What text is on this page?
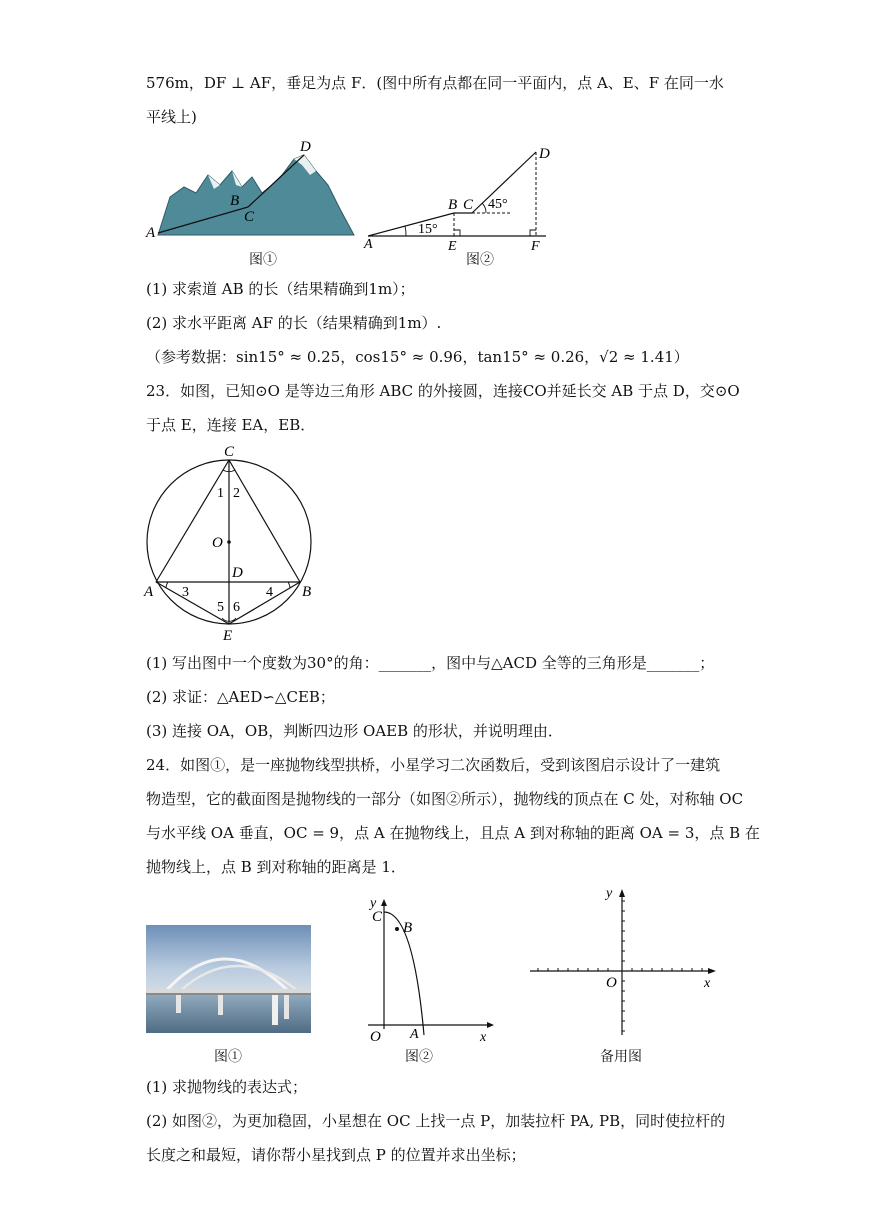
576m，DF ⊥ AF，垂足为点 F．(图中所有点都在同一平面内，点 A、E、F 在同一水
平线上)
A
B
C
D
图①
A
B C
D
E	F
15°
45°
图②
(1) 求索道 AB 的长（结果精确到1m）；
(2) 求水平距离 AF 的长（结果精确到1m）.
（参考数据：sin15° ≈ 0.25，cos15° ≈ 0.96，tan15° ≈ 0.26，√2 ≈ 1.41）
23．如图，已知⊙O 是等边三角形 ABC 的外接圆，连接CO并延长交 AB 于点 D，交⊙O
于点 E，连接 EA，EB．
C
O
D
A	B
E
1 2
3	4
5 6
(1) 写出图中一个度数为30°的角：_______，图中与△ACD 全等的三角形是_______；
(2) 求证：△AED∽△CEB；
(3) 连接 OA，OB，判断四边形 OAEB 的形状，并说明理由．
24．如图①，是一座抛物线型拱桥，小星学习二次函数后，受到该图启示设计了一建筑
物造型，它的截面图是抛物线的一部分（如图②所示），抛物线的顶点在 C 处，对称轴 OC
与水平线 OA 垂直，OC = 9，点 A 在抛物线上，且点 A 到对称轴的距离 OA = 3，点 B 在
抛物线上，点 B 到对称轴的距离是 1．
图①
y
C
B
O A	x
图②
y
O	x
备用图
(1) 求抛物线的表达式；
(2) 如图②，为更加稳固，小星想在 OC 上找一点 P，加装拉杆 PA, PB，同时使拉杆的
长度之和最短，请你帮小星找到点 P 的位置并求出坐标；
